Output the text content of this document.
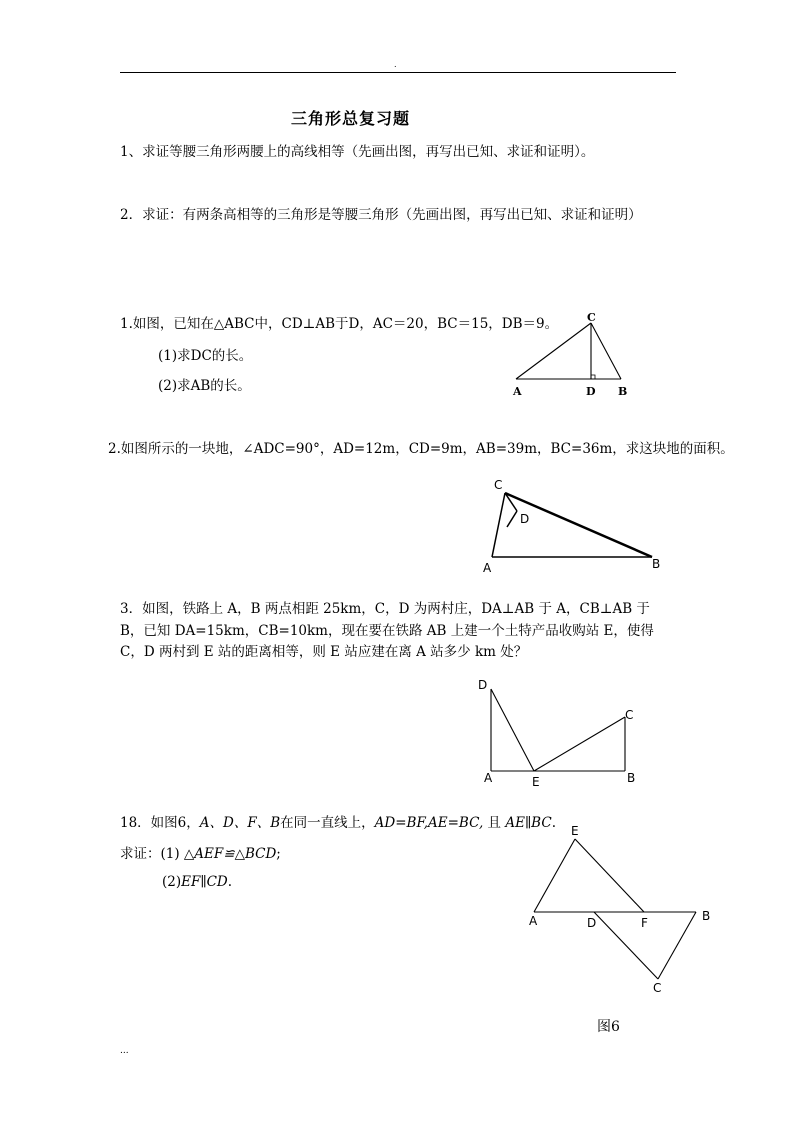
.
三角形总复习题
1、求证等腰三角形两腰上的高线相等（先画出图，再写出已知、求证和证明）。
2．求证：有两条高相等的三角形是等腰三角形（先画出图，再写出已知、求证和证明）
1.如图，已知在△ABC中，CD⊥AB于D，AC＝20，BC＝15，DB＝9。
(1)求DC的长。
(2)求AB的长。
C
A	D B
2.如图所示的一块地，∠ADC=90°，AD=12m，CD=9m，AB=39m，BC=36m，求这块地的面积。
C
D
A	B
3．如图，铁路上 A，B 两点相距 25km，C，D 为两村庄，DA⊥AB 于 A，CB⊥AB 于
B，已知 DA=15km，CB=10km，现在要在铁路 AB 上建一个土特产品收购站 E，使得
C，D 两村到 E 站的距离相等，则 E 站应建在离 A 站多少 km 处？
D
C
A	E	B
18．如图6，A、D、F、B在同一直线上，AD=BF,AE=BC, 且 AE∥BC.
求证：(1) △AEF≌△BCD;
(2)EF∥CD.
E
A	D	F	B
C
图6
...
